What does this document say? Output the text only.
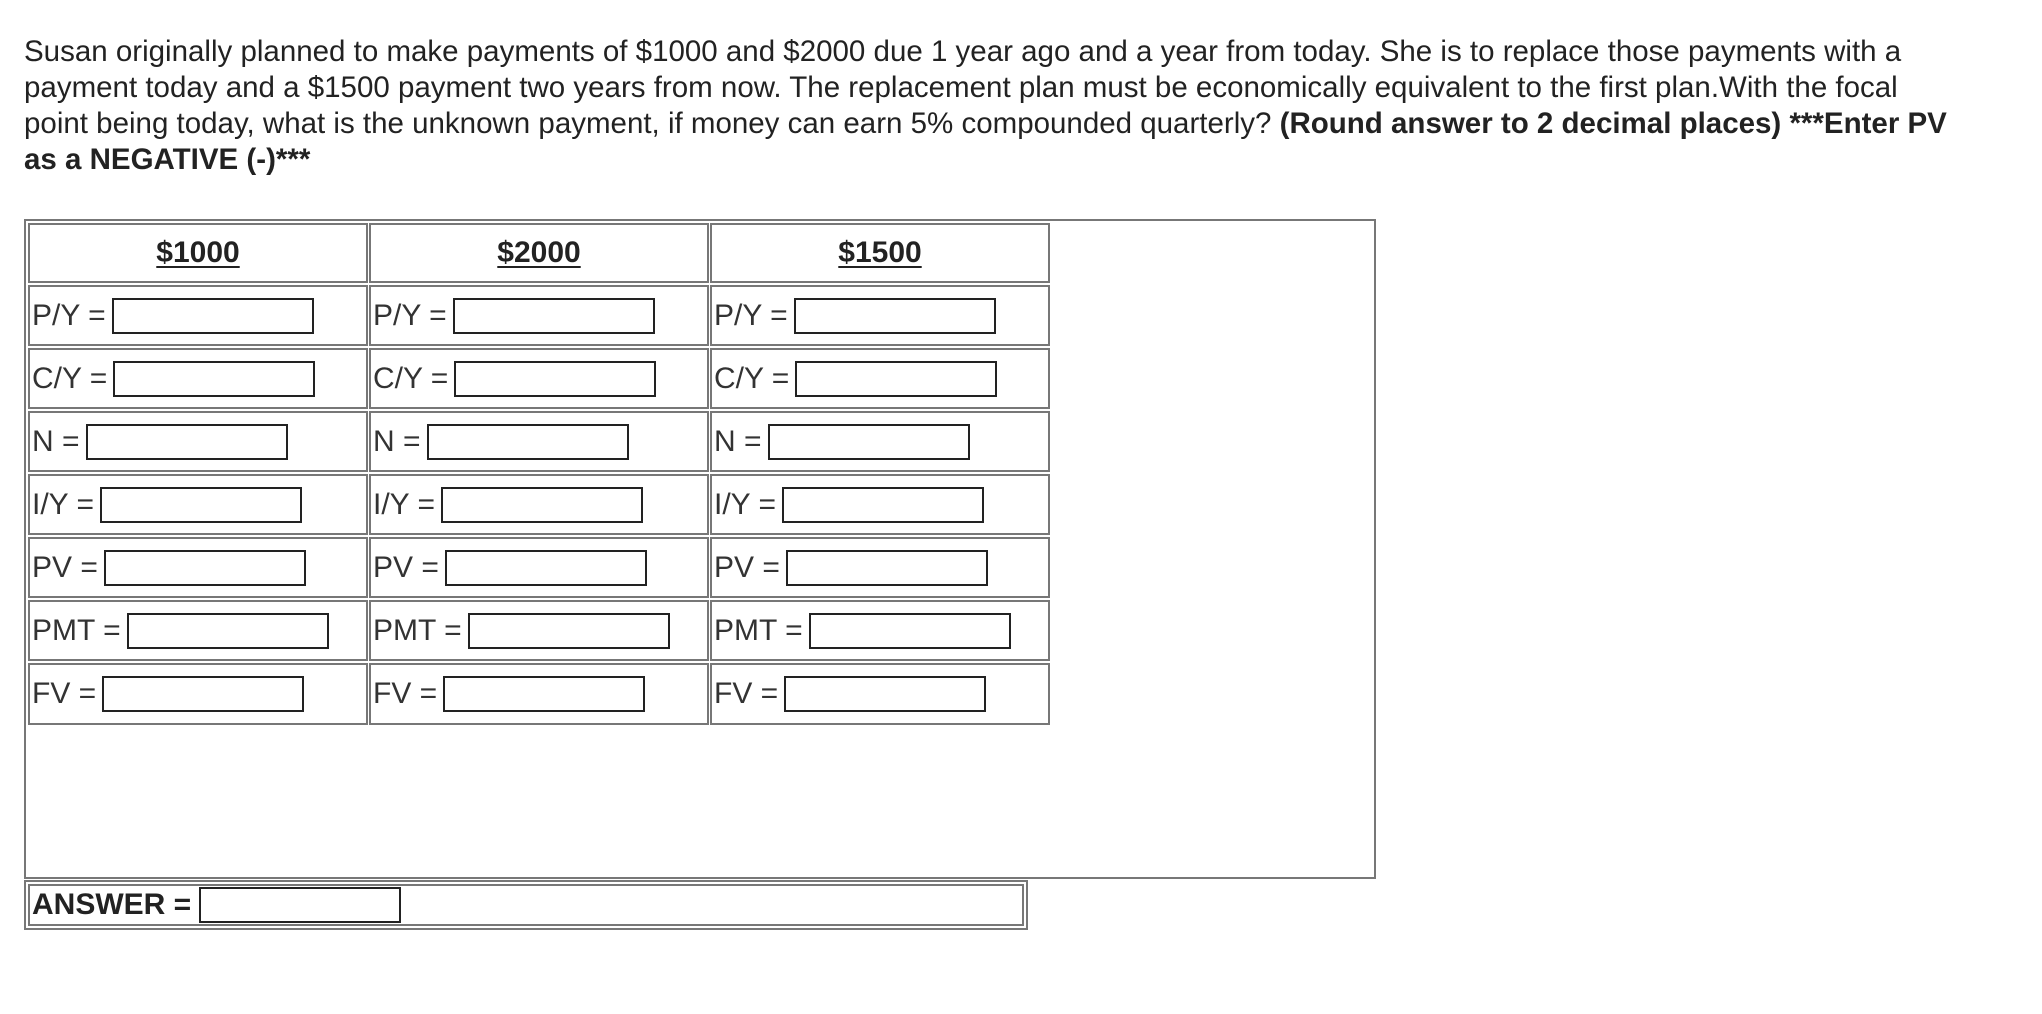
Susan originally planned to make payments of $1000 and $2000 due 1 year ago and a year from today. She is to replace those payments with a payment today and a $1500 payment two years from now. The replacement plan must be economically equivalent to the first plan.With the focal point being today, what is the unknown payment, if money can earn 5% compounded quarterly? (Round answer to 2 decimal places) ***Enter PV as a NEGATIVE (-)***

$1000
P/Y =
C/Y =
N =
I/Y =
PV =
PMT =
FV =
$2000
P/Y =
C/Y =
N =
I/Y =
PV =
PMT =
FV =
$1500
P/Y =
C/Y =
N =
I/Y =
PV =
PMT =
FV =
ANSWER =
